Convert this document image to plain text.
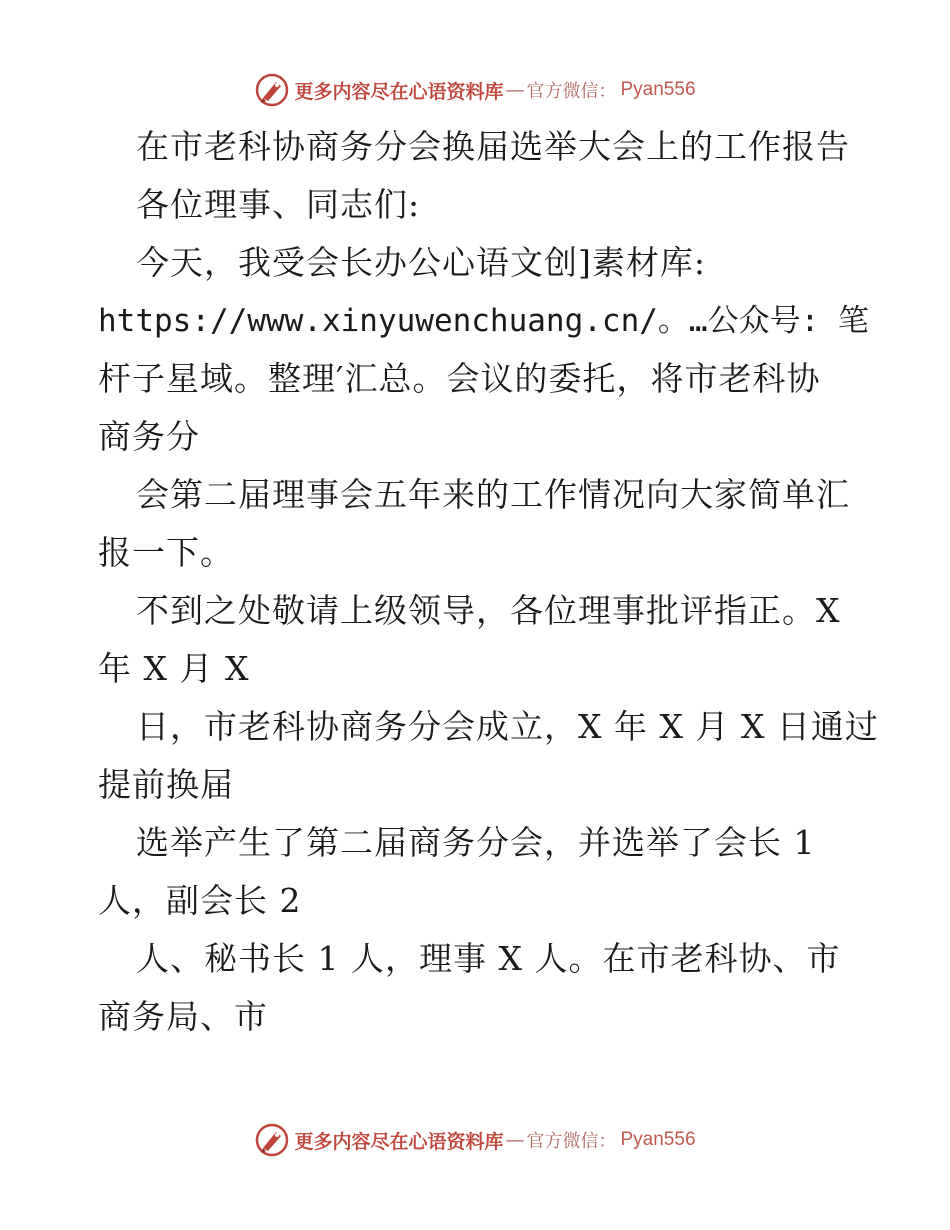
更多内容尽在心语资料库 — 官方微信： Pyan556
在市老科协商务分会换届选举大会上的工作报告
各位理事、同志们:
今天，我受会长办公心语文创]素材库:
https://www.xinyuwenchuang.cn/。…公众号: 笔
杆子星域。整理′汇总。会议的委托，将市老科协
商务分
会第二届理事会五年来的工作情况向大家简单汇
报一下。
不到之处敬请上级领导，各位理事批评指正。X
年 X 月 X
日，市老科协商务分会成立，X 年 X 月 X 日通过
提前换届
选举产生了第二届商务分会，并选举了会长 1
人，副会长 2
人、秘书长 1 人，理事 X 人。在市老科协、市
商务局、市
更多内容尽在心语资料库 — 官方微信： Pyan556
